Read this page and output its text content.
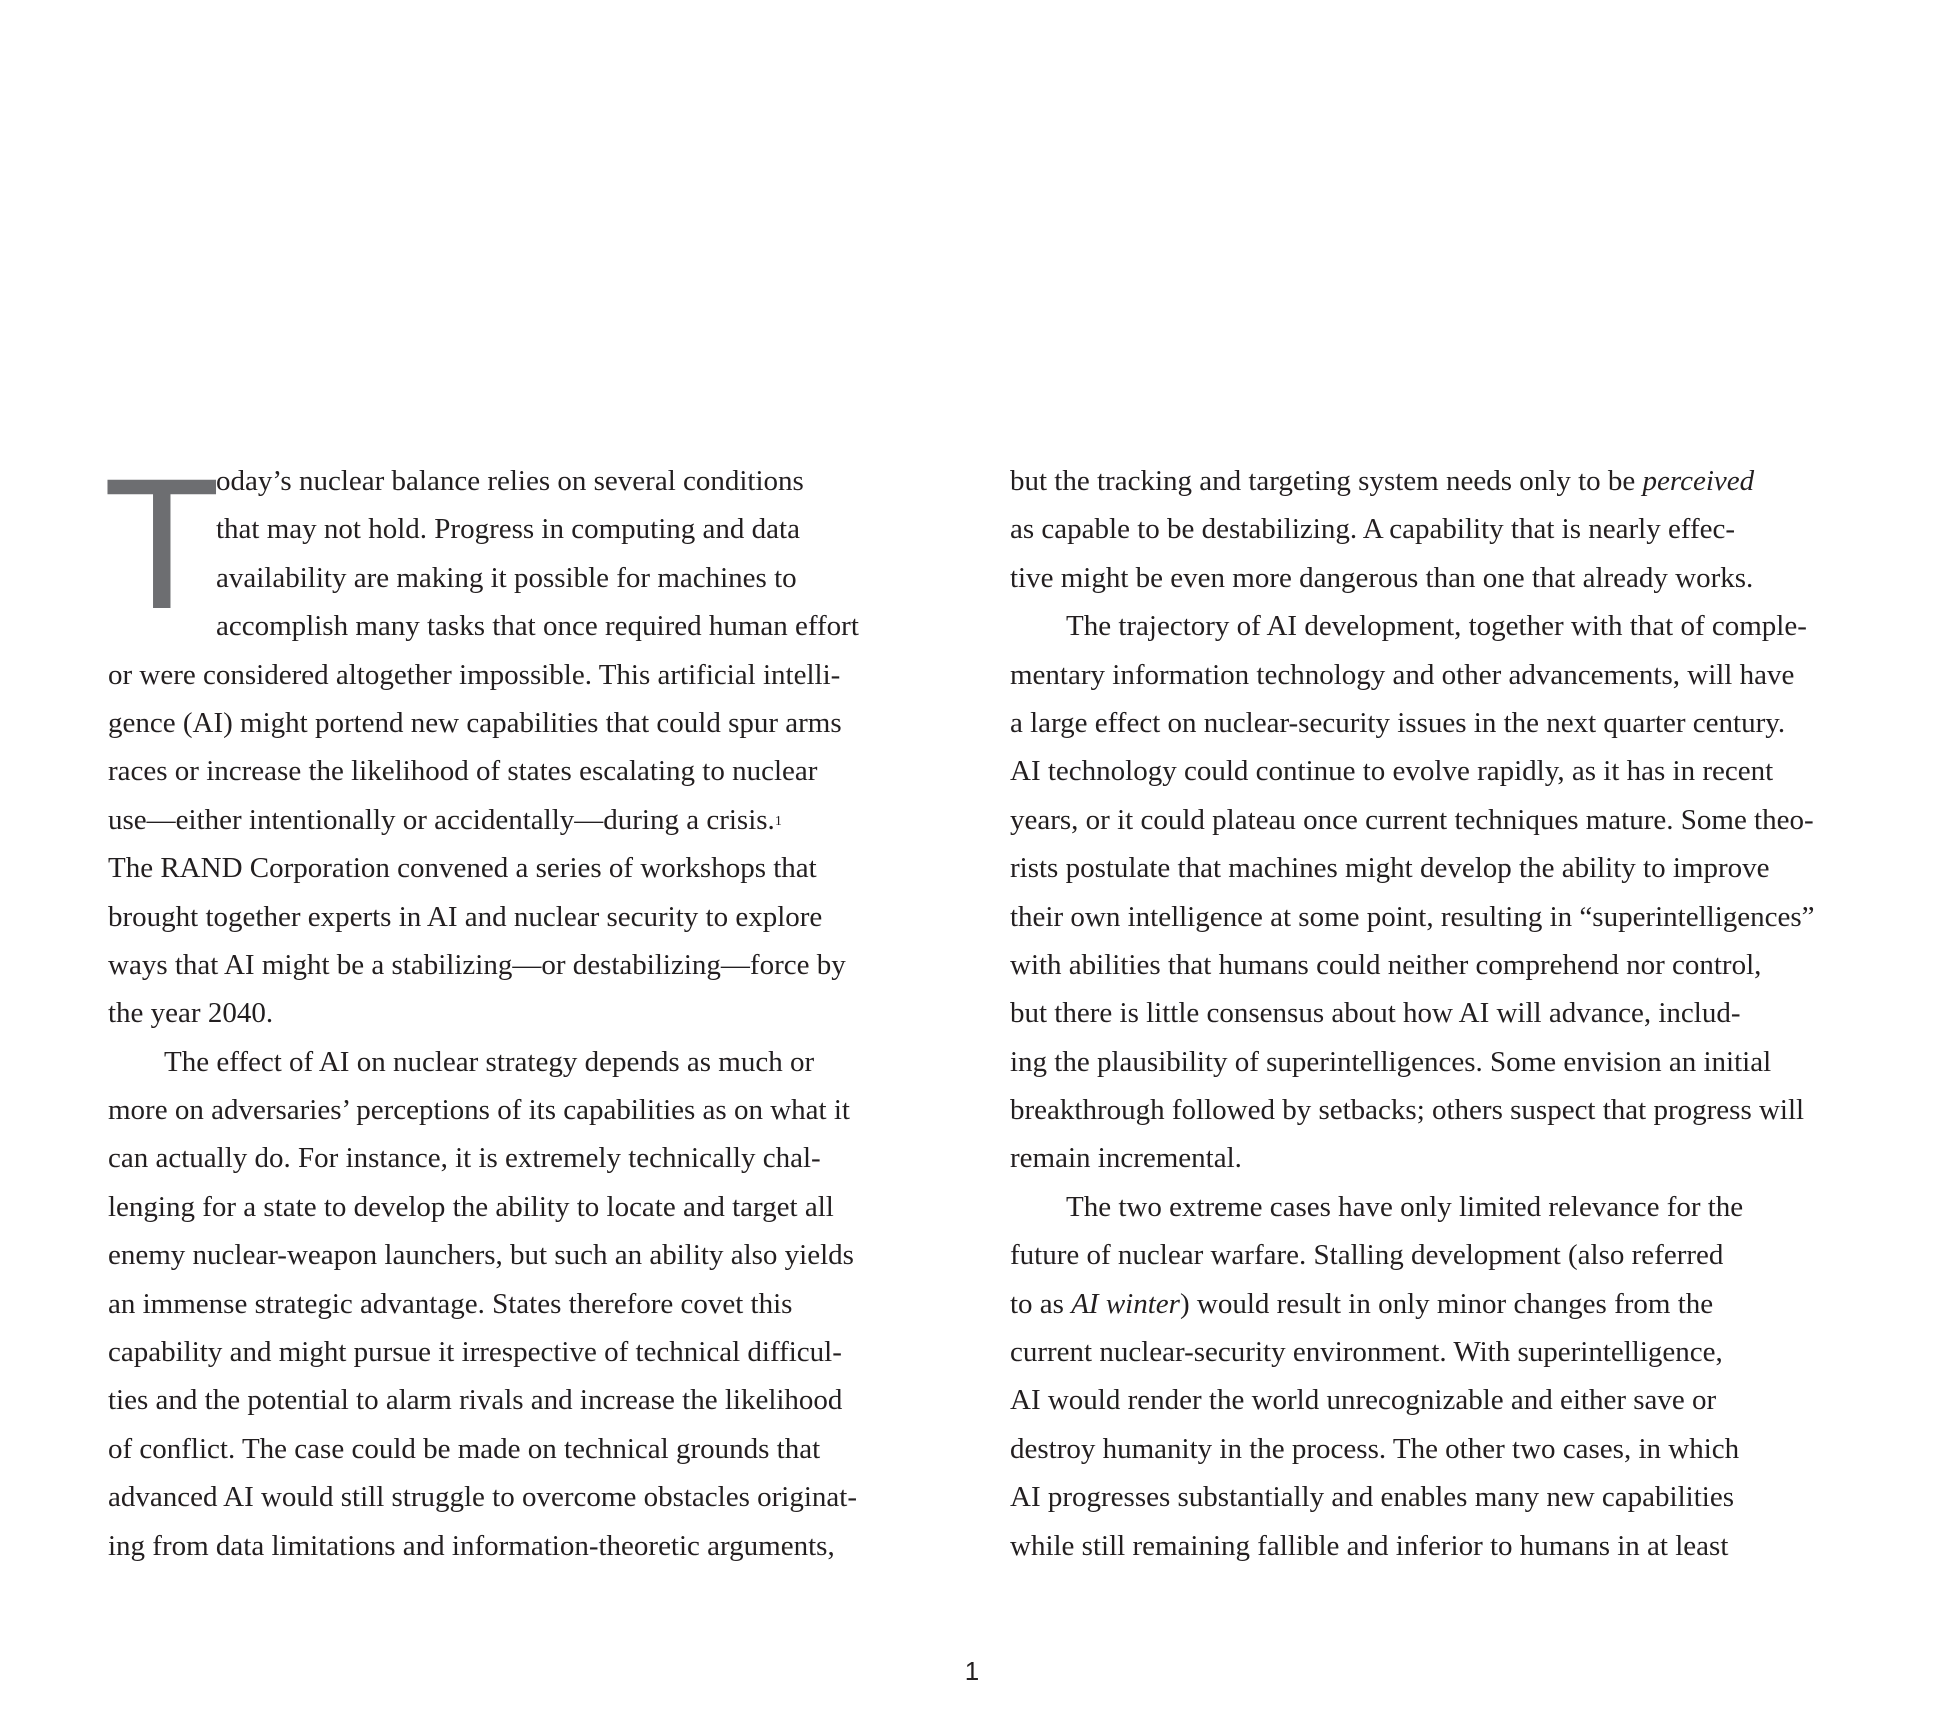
T oday’s nuclear balance relies on several conditions
that may not hold. Progress in computing and data
availability are making it possible for machines to
accomplish many tasks that once required human effort
or were considered altogether impossible. This artificial intelli-
gence (AI) might portend new capabilities that could spur arms
races or increase the likelihood of states escalating to nuclear
use—either intentionally or accidentally—during a crisis.$^1$
The RAND Corporation convened a series of workshops that
brought together experts in AI and nuclear security to explore
ways that AI might be a stabilizing—or destabilizing—force by
the year 2040.
The effect of AI on nuclear strategy depends as much or
more on adversaries’ perceptions of its capabilities as on what it
can actually do. For instance, it is extremely technically chal-
lenging for a state to develop the ability to locate and target all
enemy nuclear-weapon launchers, but such an ability also yields
an immense strategic advantage. States therefore covet this
capability and might pursue it irrespective of technical difficul-
ties and the potential to alarm rivals and increase the likelihood
of conflict. The case could be made on technical grounds that
advanced AI would still struggle to overcome obstacles originat-
ing from data limitations and information-theoretic arguments,
but the tracking and targeting system needs only to be perceived
as capable to be destabilizing. A capability that is nearly effec-
tive might be even more dangerous than one that already works.
The trajectory of AI development, together with that of comple-
mentary information technology and other advancements, will have
a large effect on nuclear-security issues in the next quarter century.
AI technology could continue to evolve rapidly, as it has in recent
years, or it could plateau once current techniques mature. Some theo-
rists postulate that machines might develop the ability to improve
their own intelligence at some point, resulting in “superintelligences”
with abilities that humans could neither comprehend nor control,
but there is little consensus about how AI will advance, includ-
ing the plausibility of superintelligences. Some envision an initial
breakthrough followed by setbacks; others suspect that progress will
remain incremental.
The two extreme cases have only limited relevance for the
future of nuclear warfare. Stalling development (also referred
to as AI winter) would result in only minor changes from the
current nuclear-security environment. With superintelligence,
AI would render the world unrecognizable and either save or
destroy humanity in the process. The other two cases, in which
AI progresses substantially and enables many new capabilities
while still remaining fallible and inferior to humans in at least
1
